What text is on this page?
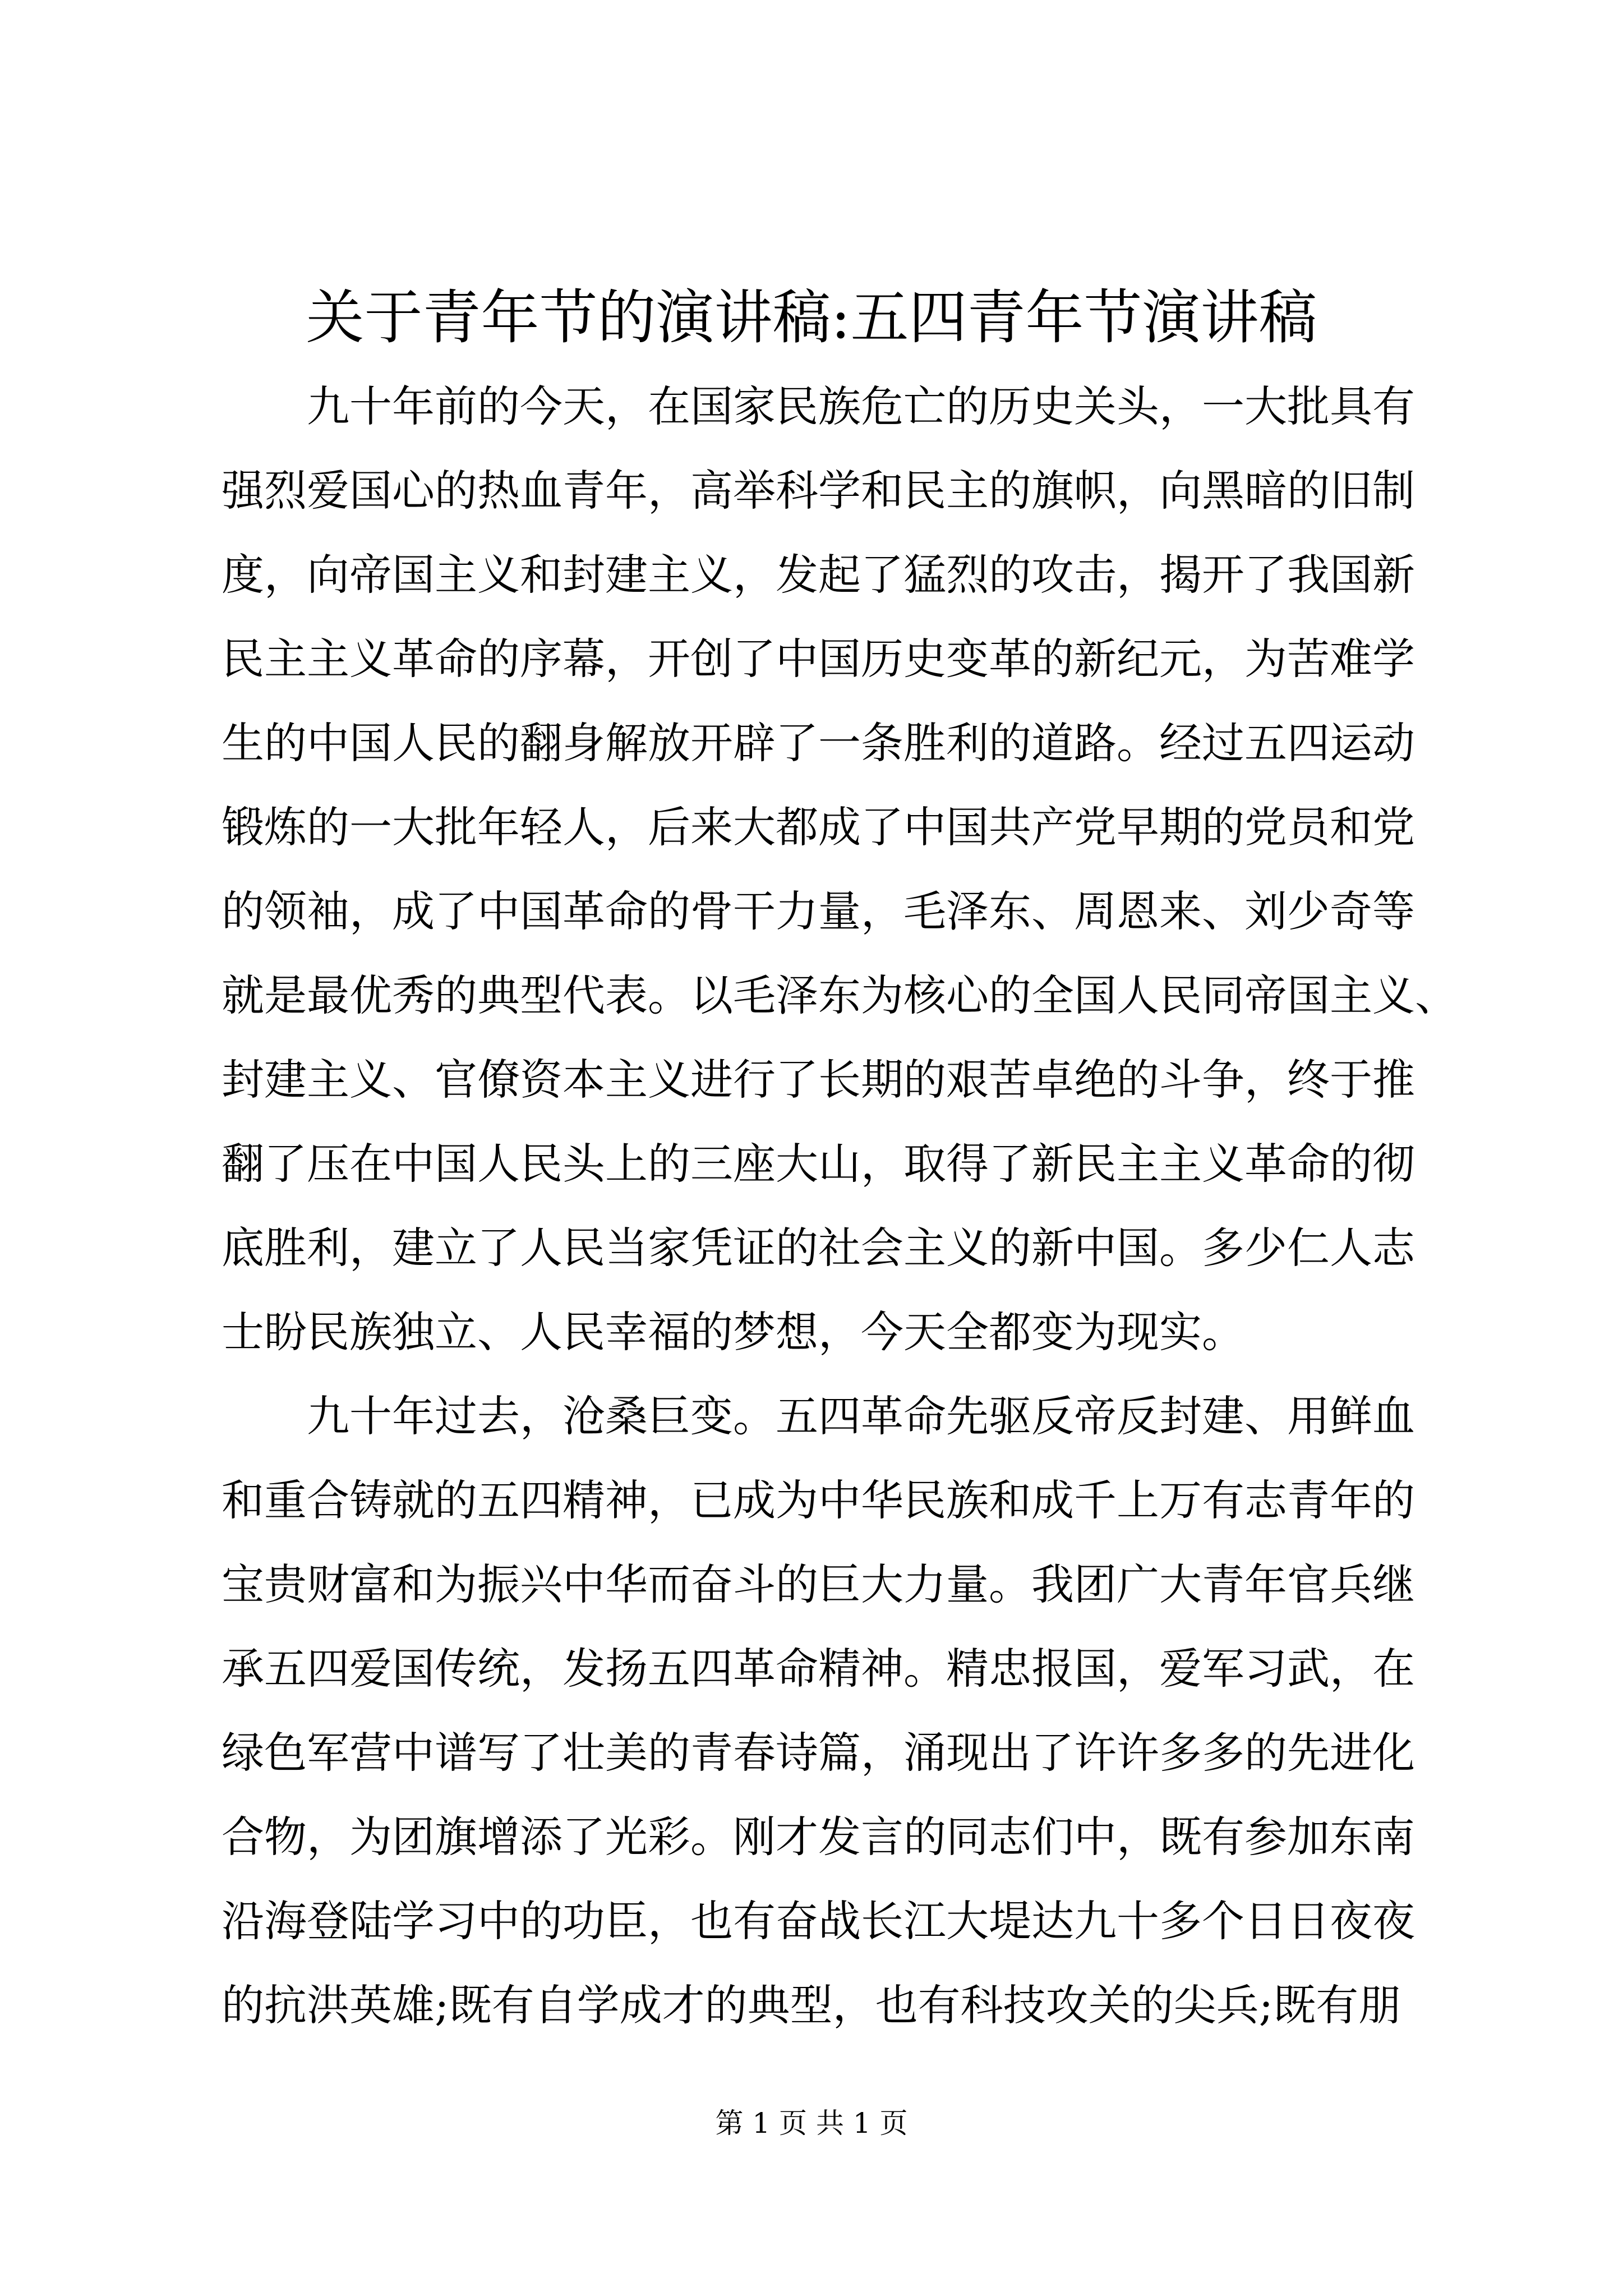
关于青年节的演讲稿:五四青年节演讲稿

　　九十年前的今天，在国家民族危亡的历史关头，一大批具有
强烈爱国心的热血青年，高举科学和民主的旗帜，向黑暗的旧制
度，向帝国主义和封建主义，发起了猛烈的攻击，揭开了我国新
民主主义革命的序幕，开创了中国历史变革的新纪元，为苦难学
生的中国人民的翻身解放开辟了一条胜利的道路。经过五四运动
锻炼的一大批年轻人，后来大都成了中国共产党早期的党员和党
的领袖，成了中国革命的骨干力量，毛泽东、周恩来、刘少奇等
就是最优秀的典型代表。以毛泽东为核心的全国人民同帝国主义、
封建主义、官僚资本主义进行了长期的艰苦卓绝的斗争，终于推
翻了压在中国人民头上的三座大山，取得了新民主主义革命的彻
底胜利，建立了人民当家凭证的社会主义的新中国。多少仁人志
士盼民族独立、人民幸福的梦想，今天全都变为现实。

　　九十年过去，沧桑巨变。五四革命先驱反帝反封建、用鲜血
和重合铸就的五四精神，已成为中华民族和成千上万有志青年的
宝贵财富和为振兴中华而奋斗的巨大力量。我团广大青年官兵继
承五四爱国传统，发扬五四革命精神。精忠报国，爱军习武，在
绿色军营中谱写了壮美的青春诗篇，涌现出了许许多多的先进化
合物，为团旗增添了光彩。刚才发言的同志们中，既有参加东南
沿海登陆学习中的功臣，也有奋战长江大堤达九十多个日日夜夜
的抗洪英雄;既有自学成才的典型，也有科技攻关的尖兵;既有朋

第 1 页 共 1 页
